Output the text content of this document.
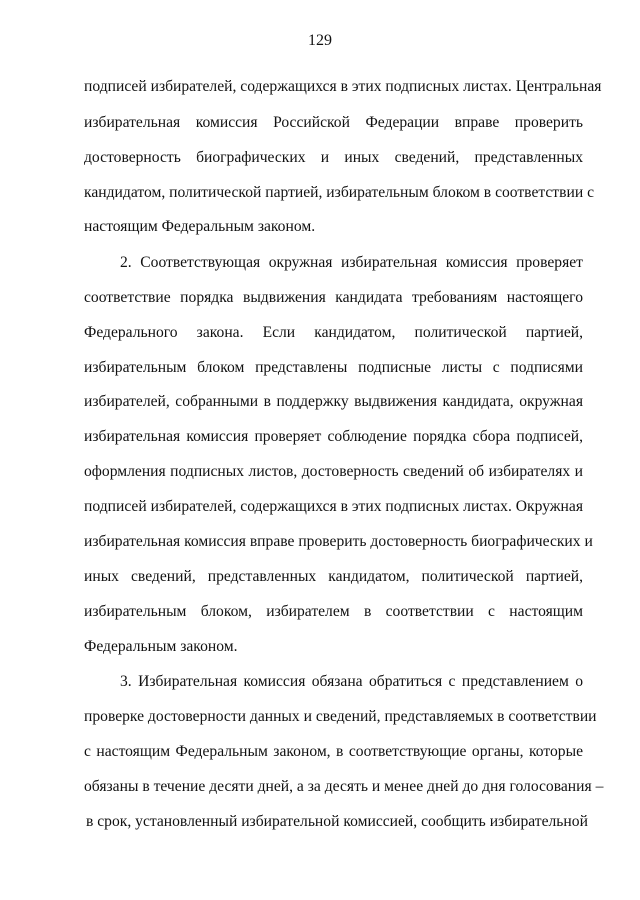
129
подписей избирателей, содержащихся в этих подписных листах. Центральная
избирательная комиссия Российской Федерации вправе проверить
достоверность биографических и иных сведений, представленных
кандидатом, политической партией, избирательным блоком в соответствии с
настоящим Федеральным законом.
2. Соответствующая окружная избирательная комиссия проверяет
соответствие порядка выдвижения кандидата требованиям настоящего
Федерального закона. Если кандидатом, политической партией,
избирательным блоком представлены подписные листы с подписями
избирателей, собранными в поддержку выдвижения кандидата, окружная
избирательная комиссия проверяет соблюдение порядка сбора подписей,
оформления подписных листов, достоверность сведений об избирателях и
подписей избирателей, содержащихся в этих подписных листах. Окружная
избирательная комиссия вправе проверить достоверность биографических и
иных сведений, представленных кандидатом, политической партией,
избирательным блоком, избирателем в соответствии с настоящим
Федеральным законом.
3. Избирательная комиссия обязана обратиться с представлением о
проверке достоверности данных и сведений, представляемых в соответствии
с настоящим Федеральным законом, в соответствующие органы, которые
обязаны в течение десяти дней, а за десять и менее дней до дня голосования –
в срок, установленный избирательной комиссией, сообщить избирательной
